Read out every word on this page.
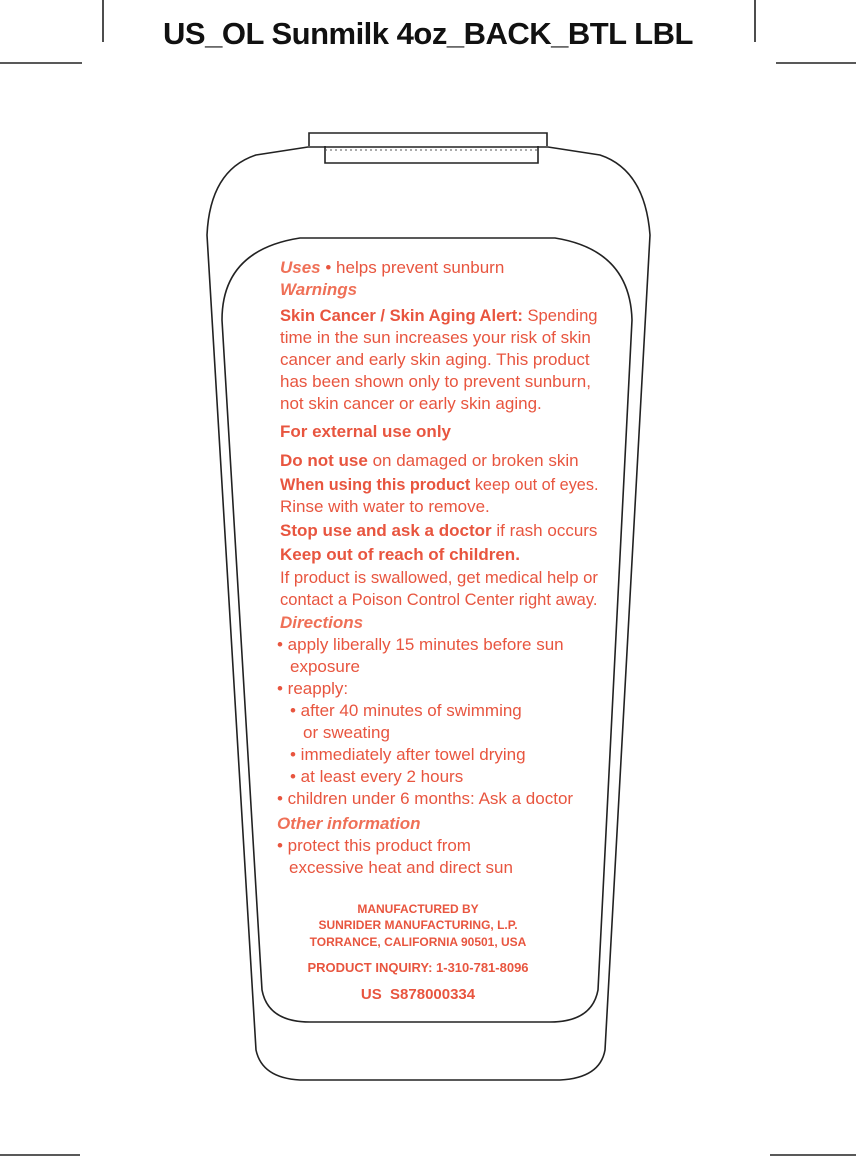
US_OL Sunmilk 4oz_BACK_BTL LBL
Uses • helps prevent sunburn
Warnings
Skin Cancer / Skin Aging Alert: Spending
time in the sun increases your risk of skin
cancer and early skin aging. This product
has been shown only to prevent sunburn,
not skin cancer or early skin aging.
For external use only
Do not use on damaged or broken skin
When using this product keep out of eyes.
Rinse with water to remove.
Stop use and ask a doctor if rash occurs
Keep out of reach of children.
If product is swallowed, get medical help or
contact a Poison Control Center right away.
Directions
• apply liberally 15 minutes before sun
exposure
• reapply:
• after 40 minutes of swimming
or sweating
• immediately after towel drying
• at least every 2 hours
• children under 6 months: Ask a doctor
Other information
• protect this product from
excessive heat and direct sun
MANUFACTURED BY
SUNRIDER MANUFACTURING, L.P.
TORRANCE, CALIFORNIA 90501, USA
PRODUCT INQUIRY: 1-310-781-8096
US  S878000334
